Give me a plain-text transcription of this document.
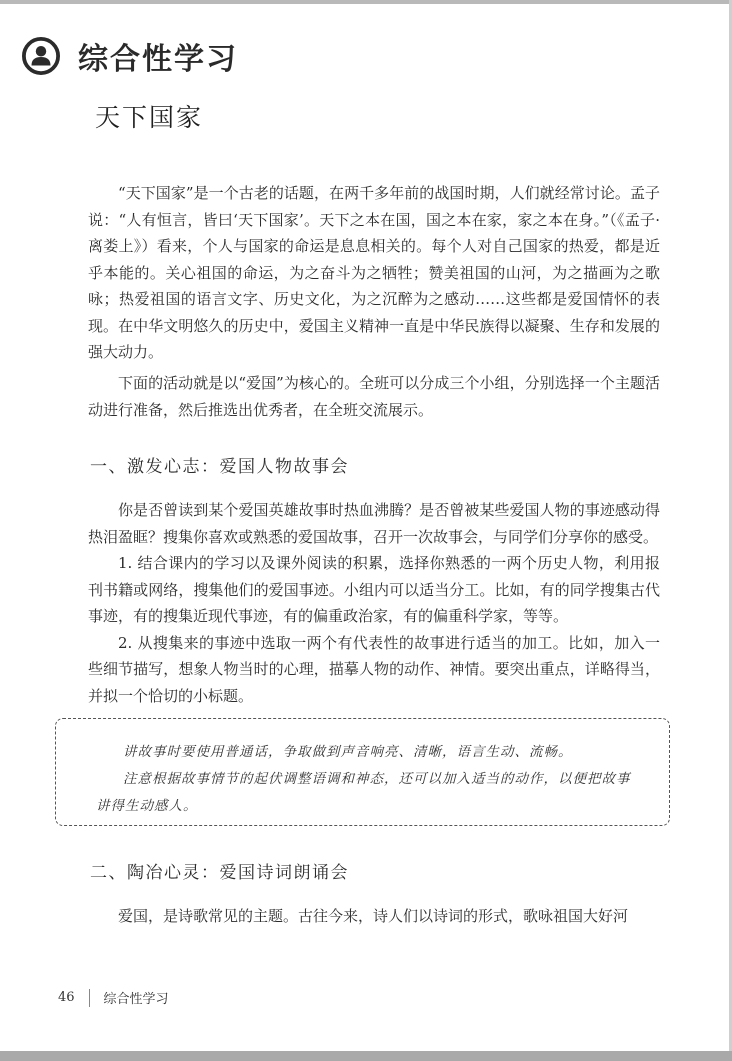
综合性学习
天下国家

“天下国家”是一个古老的话题，在两千多年前的战国时期，人们就经常讨论。孟子说：“人有恒言，皆曰‘天下国家’。天下之本在国，国之本在家，家之本在身。”（《孟子·离娄上》）看来，个人与国家的命运是息息相关的。每个人对自己国家的热爱，都是近乎本能的。关心祖国的命运，为之奋斗为之牺牲；赞美祖国的山河，为之描画为之歌咏；热爱祖国的语言文字、历史文化，为之沉醉为之感动……这些都是爱国情怀的表现。在中华文明悠久的历史中，爱国主义精神一直是中华民族得以凝聚、生存和发展的强大动力。

下面的活动就是以“爱国”为核心的。全班可以分成三个小组，分别选择一个主题活动进行准备，然后推选出优秀者，在全班交流展示。

一、激发心志：爱国人物故事会

你是否曾读到某个爱国英雄故事时热血沸腾？是否曾被某些爱国人物的事迹感动得热泪盈眶？搜集你喜欢或熟悉的爱国故事，召开一次故事会，与同学们分享你的感受。

1. 结合课内的学习以及课外阅读的积累，选择你熟悉的一两个历史人物，利用报刊书籍或网络，搜集他们的爱国事迹。小组内可以适当分工。比如，有的同学搜集古代事迹，有的搜集近现代事迹，有的偏重政治家，有的偏重科学家，等等。

2. 从搜集来的事迹中选取一两个有代表性的故事进行适当的加工。比如，加入一些细节描写，想象人物当时的心理，描摹人物的动作、神情。要突出重点，详略得当，并拟一个恰切的小标题。

讲故事时要使用普通话，争取做到声音响亮、清晰，语言生动、流畅。

注意根据故事情节的起伏调整语调和神态，还可以加入适当的动作，以便把故事讲得生动感人。

二、陶冶心灵：爱国诗词朗诵会

爱国，是诗歌常见的主题。古往今来，诗人们以诗词的形式，歌咏祖国大好河

46 综合性学习
